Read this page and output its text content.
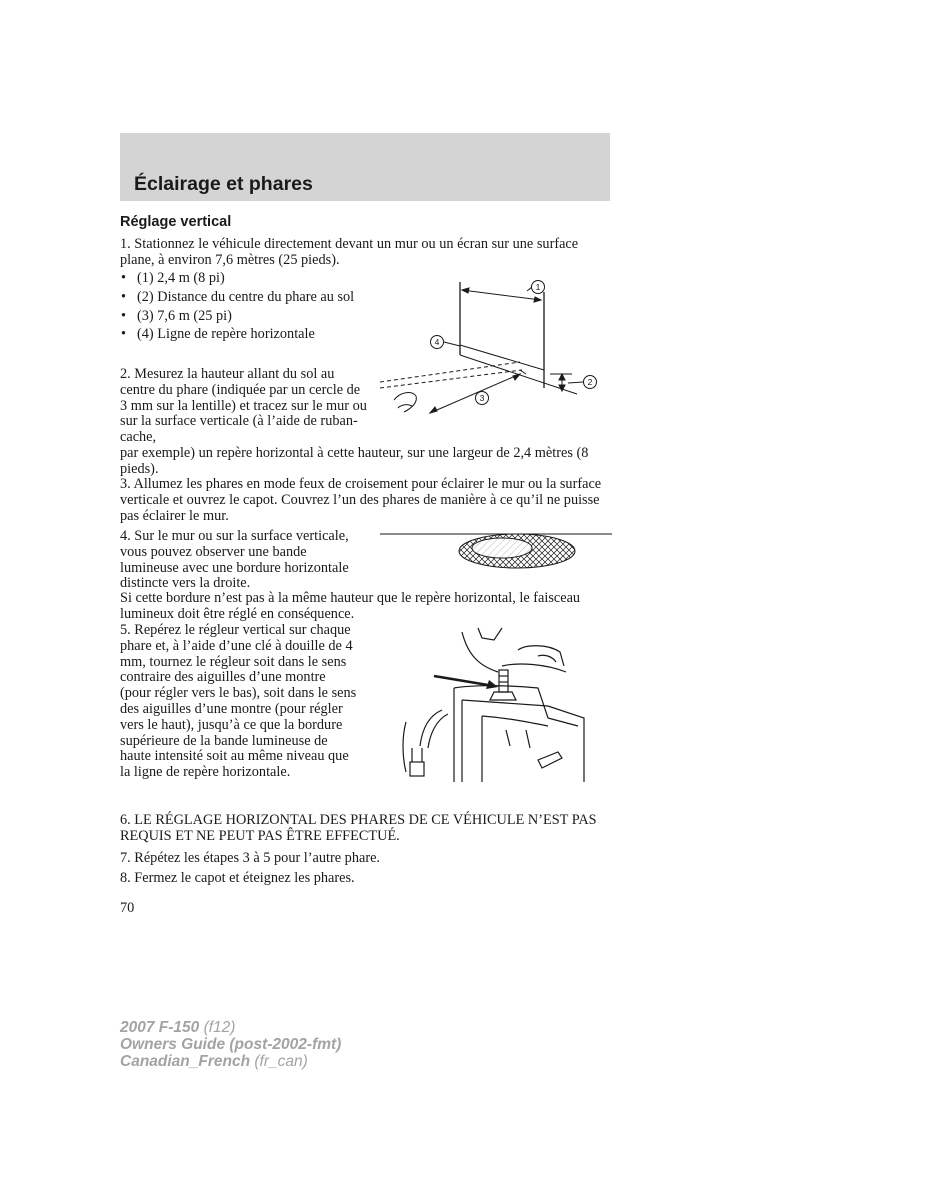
Éclairage et phares
Réglage vertical

1. Stationnez le véhicule directement devant un mur ou un écran sur une surface plane, à environ 7,6 mètres (25 pieds).

• (1) 2,4 m (8 pi)
• (2) Distance du centre du phare au sol
• (3) 7,6 m (25 pi)
• (4) Ligne de repère horizontale

2. Mesurez la hauteur allant du sol au centre du phare (indiquée par un cercle de 3 mm sur la lentille) et tracez sur le mur ou sur la surface verticale (à l’aide de ruban-cache,

par exemple) un repère horizontal à cette hauteur, sur une largeur de 2,4 mètres (8 pieds).

3. Allumez les phares en mode feux de croisement pour éclairer le mur ou la surface verticale et ouvrez le capot. Couvrez l’un des phares de manière à ce qu’il ne puisse pas éclairer le mur.

4. Sur le mur ou sur la surface verticale, vous pouvez observer une bande lumineuse avec une bordure horizontale distincte vers la droite.

Si cette bordure n’est pas à la même hauteur que le repère horizontal, le faisceau lumineux doit être réglé en conséquence.

5. Repérez le régleur vertical sur chaque phare et, à l’aide d’une clé à douille de 4 mm, tournez le régleur soit dans le sens contraire des aiguilles d’une montre (pour régler vers le bas), soit dans le sens des aiguilles d’une montre (pour régler vers le haut), jusqu’à ce que la bordure supérieure de la bande lumineuse de haute intensité soit au même niveau que la ligne de repère horizontale.

6. LE RÉGLAGE HORIZONTAL DES PHARES DE CE VÉHICULE N’EST PAS REQUIS ET NE PEUT PAS ÊTRE EFFECTUÉ.

7. Répétez les étapes 3 à 5 pour l’autre phare.

8. Fermez le capot et éteignez les phares.

1
2
3
4

70

2007 F-150 (f12)
Owners Guide (post-2002-fmt)
Canadian_French (fr_can)
